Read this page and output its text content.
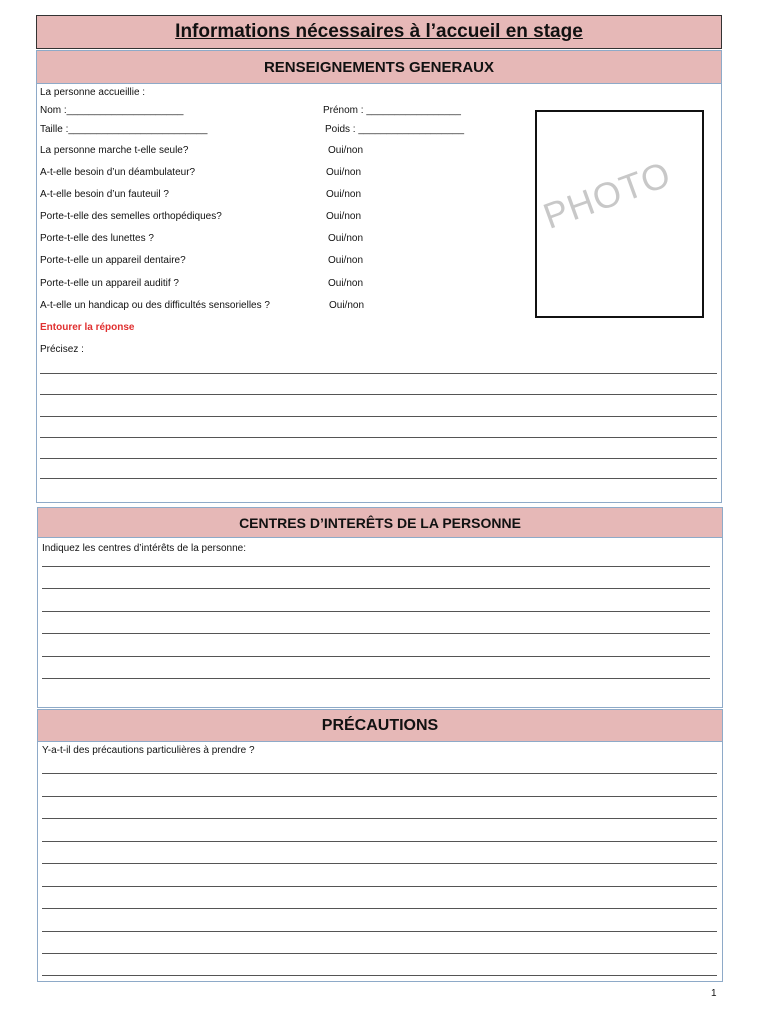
Informations nécessaires à l’accueil en stage
RENSEIGNEMENTS GENERAUX
La personne accueillie :
Nom :_____________________	Prénom : _________________
Taille :_________________________	Poids : ___________________
La personne marche t-elle seule?	Oui/non
A-t-elle besoin d’un déambulateur?	Oui/non
A-t-elle besoin d’un fauteuil ?	Oui/non
Porte-t-elle des semelles orthopédiques?	Oui/non
Porte-t-elle des lunettes ?	Oui/non
Porte-t-elle un appareil dentaire?	Oui/non
Porte-t-elle un appareil auditif ?	Oui/non
A-t-elle un handicap ou des difficultés sensorielles ?	Oui/non
Entourer la réponse
Précisez :
PHOTO
CENTRES D’INTERÊTS DE LA PERSONNE
Indiquez les centres d’intérêts de la personne:
PRÉCAUTIONS
Y-a-t-il des précautions particulières à prendre ?
1
